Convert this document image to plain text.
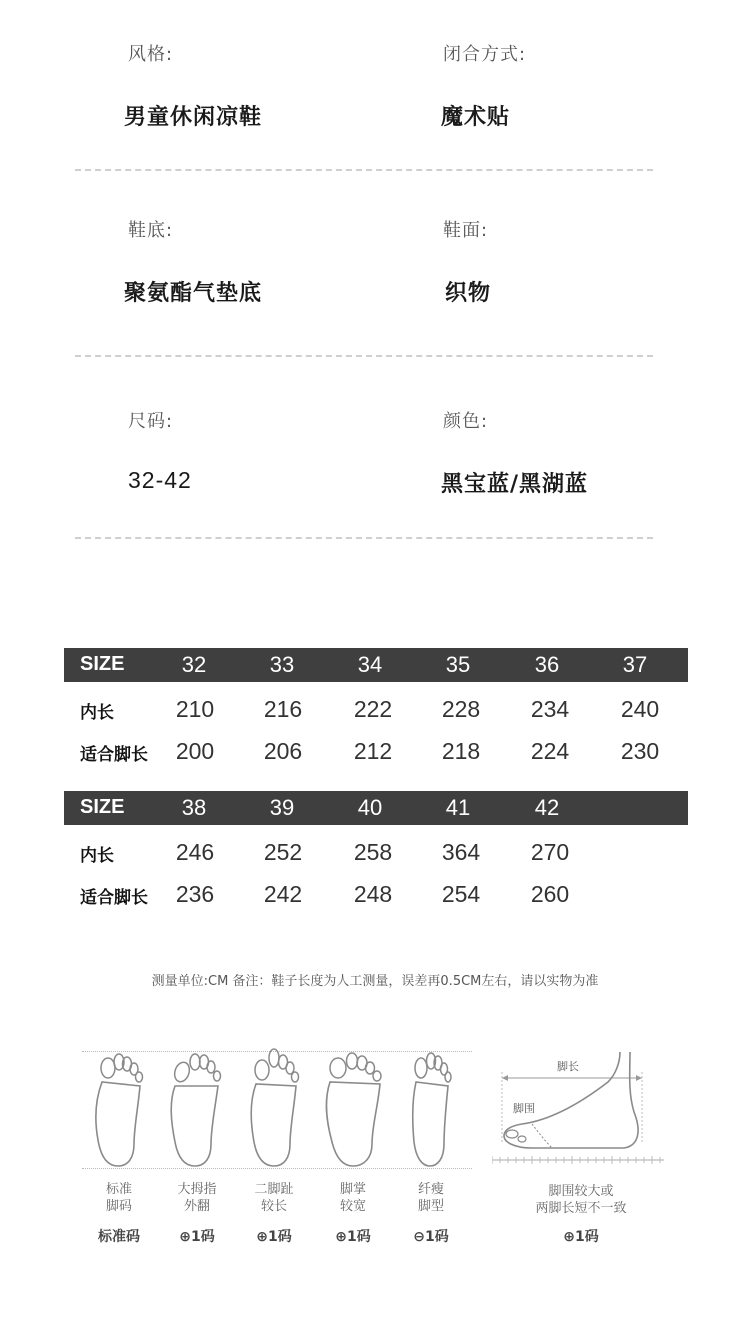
风格:
男童休闲凉鞋
闭合方式:
魔术贴
鞋底:
聚氨酯气垫底
鞋面:
织物
尺码:
32-42
颜色:
黑宝蓝/黑湖蓝
SIZE	32	33	34	35	36	37
内长	210	216	222	228	234	240
适合脚长	200	206	212	218	224	230
SIZE	38	39	40	41	42
内长	246	252	258	364	270
适合脚长	236	242	248	254	260
测量单位:CM 备注：鞋子长度为人工测量，误差再0.5CM左右，请以实物为准
标准
脚码
大拇指
外翻
二脚趾
较长
脚掌
较宽
纤瘦
脚型
标准码	⊕1码	⊕1码	⊕1码	⊖1码
脚长
脚围
脚围较大或
两脚长短不一致
⊕1码
